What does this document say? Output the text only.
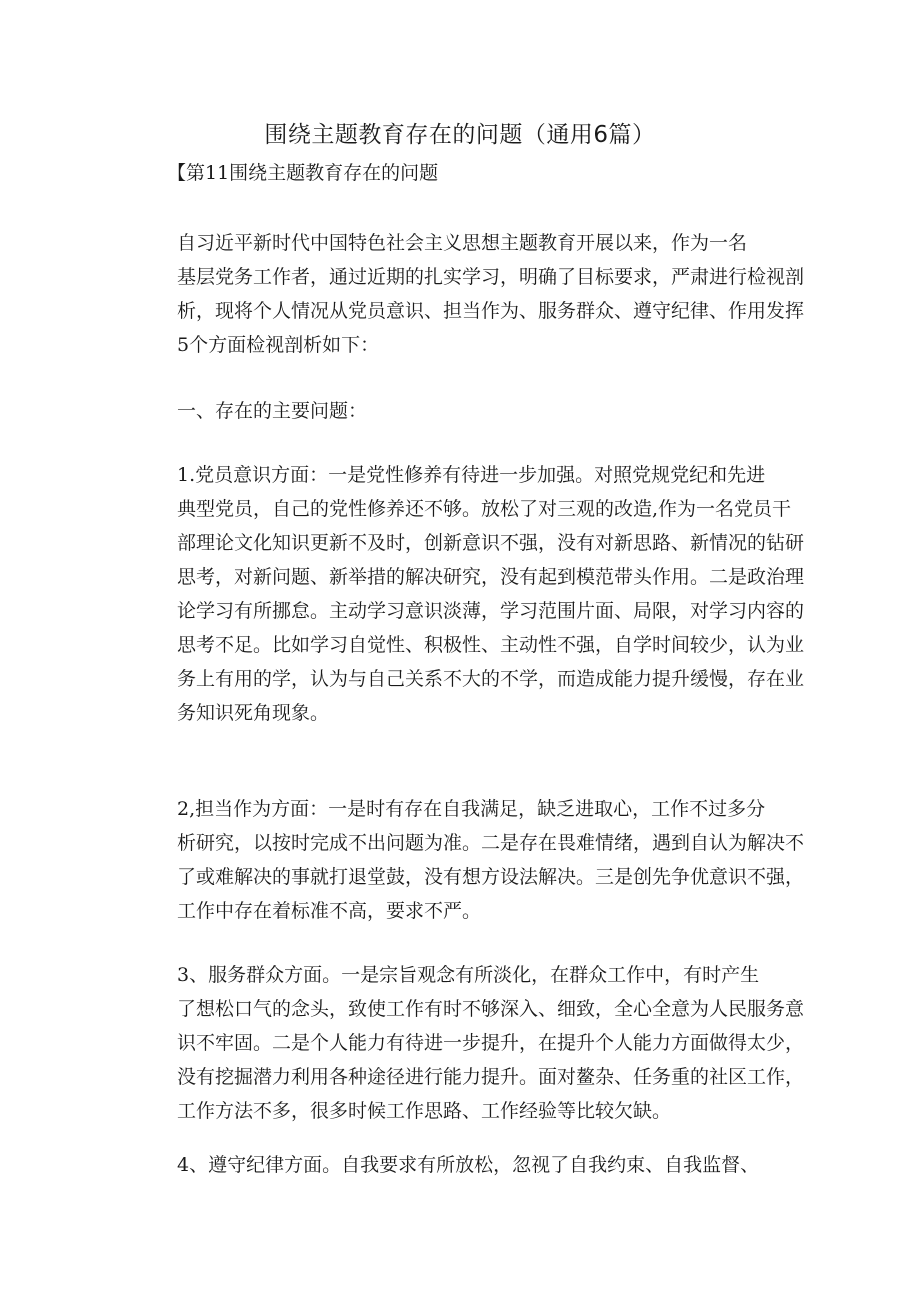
围绕主题教育存在的问题（通用6篇）
【第11围绕主题教育存在的问题

自习近平新时代中国特色社会主义思想主题教育开展以来，作为一名
基层党务工作者，通过近期的扎实学习，明确了目标要求，严肃进行检视剖
析，现将个人情况从党员意识、担当作为、服务群众、遵守纪律、作用发挥
5个方面检视剖析如下：

一、存在的主要问题：

1.党员意识方面：一是党性修养有待进一步加强。对照党规党纪和先进
典型党员，自己的党性修养还不够。放松了对三观的改造,作为一名党员干
部理论文化知识更新不及时，创新意识不强，没有对新思路、新情况的钻研
思考，对新问题、新举措的解决研究，没有起到模范带头作用。二是政治理
论学习有所挪怠。主动学习意识淡薄，学习范围片面、局限，对学习内容的
思考不足。比如学习自觉性、积极性、主动性不强，自学时间较少，认为业
务上有用的学，认为与自己关系不大的不学，而造成能力提升缓慢，存在业
务知识死角现象。

2,担当作为方面：一是时有存在自我满足，缺乏进取心，工作不过多分
析研究，以按时完成不出问题为准。二是存在畏难情绪，遇到自认为解决不
了或难解决的事就打退堂鼓，没有想方设法解决。三是创先争优意识不强，
工作中存在着标准不高，要求不严。

3、服务群众方面。一是宗旨观念有所淡化，在群众工作中，有时产生
了想松口气的念头，致使工作有时不够深入、细致，全心全意为人民服务意
识不牢固。二是个人能力有待进一步提升，在提升个人能力方面做得太少，
没有挖掘潜力利用各种途径进行能力提升。面对鳌杂、任务重的社区工作，
工作方法不多，很多时候工作思路、工作经验等比较欠缺。

4、遵守纪律方面。自我要求有所放松，忽视了自我约束、自我监督、
